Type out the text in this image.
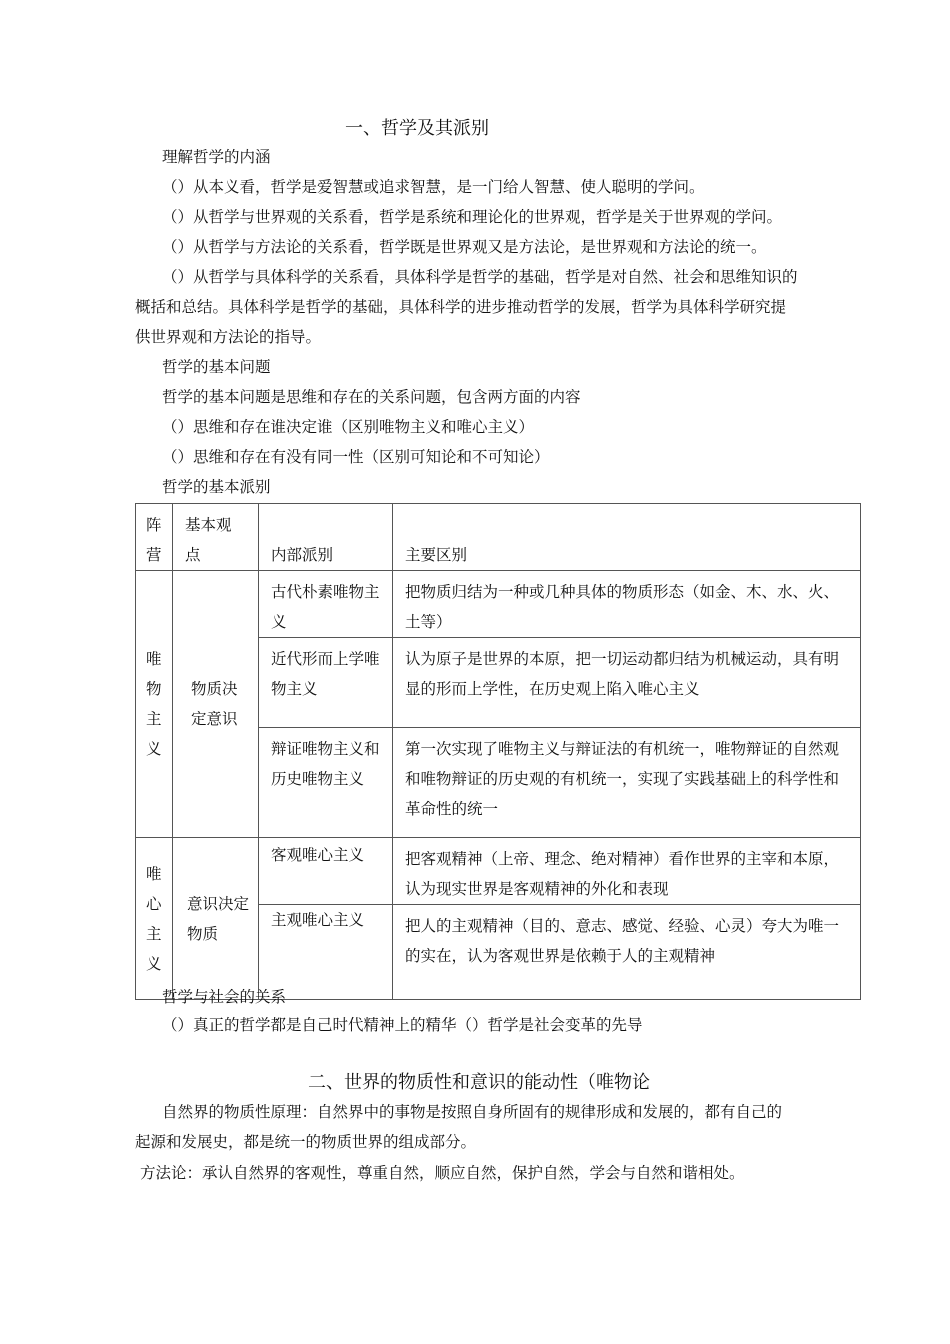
一、哲学及其派别
理解哲学的内涵
（）从本义看，哲学是爱智慧或追求智慧，是一门给人智慧、使人聪明的学问。
（）从哲学与世界观的关系看，哲学是系统和理论化的世界观，哲学是关于世界观的学问。
（）从哲学与方法论的关系看，哲学既是世界观又是方法论，是世界观和方法论的统一。
（）从哲学与具体科学的关系看，具体科学是哲学的基础，哲学是对自然、社会和思维知识的
概括和总结。具体科学是哲学的基础，具体科学的进步推动哲学的发展，哲学为具体科学研究提
供世界观和方法论的指导。
哲学的基本问题
哲学的基本问题是思维和存在的关系问题，包含两方面的内容
（）思维和存在谁决定谁（区别唯物主义和唯心主义）
（）思维和存在有没有同一性（区别可知论和不可知论）
哲学的基本派别
阵营	基本观点	内部派别	主要区别

唯物主义	物质决定意识	古代朴素唯物主义	把物质归结为一种或几种具体的物质形态（如金、木、水、火、土等）

		近代形而上学唯物主义	认为原子是世界的本原，把一切运动都归结为机械运动，具有明显的形而上学性，在历史观上陷入唯心主义

		辩证唯物主义和历史唯物主义	第一次实现了唯物主义与辩证法的有机统一，唯物辩证的自然观和唯物辩证的历史观的有机统一，实现了实践基础上的科学性和革命性的统一

唯心主义	意识决定物质	客观唯心主义	把客观精神（上帝、理念、绝对精神）看作世界的主宰和本原，认为现实世界是客观精神的外化和表现

		主观唯心主义	把人的主观精神（目的、意志、感觉、经验、心灵）夸大为唯一的实在，认为客观世界是依赖于人的主观精神
哲学与社会的关系
（）真正的哲学都是自己时代精神上的精华（）哲学是社会变革的先导
二、世界的物质性和意识的能动性（唯物论
自然界的物质性原理：自然界中的事物是按照自身所固有的规律形成和发展的，都有自己的
起源和发展史，都是统一的物质世界的组成部分。
方法论：承认自然界的客观性，尊重自然，顺应自然，保护自然，学会与自然和谐相处。
